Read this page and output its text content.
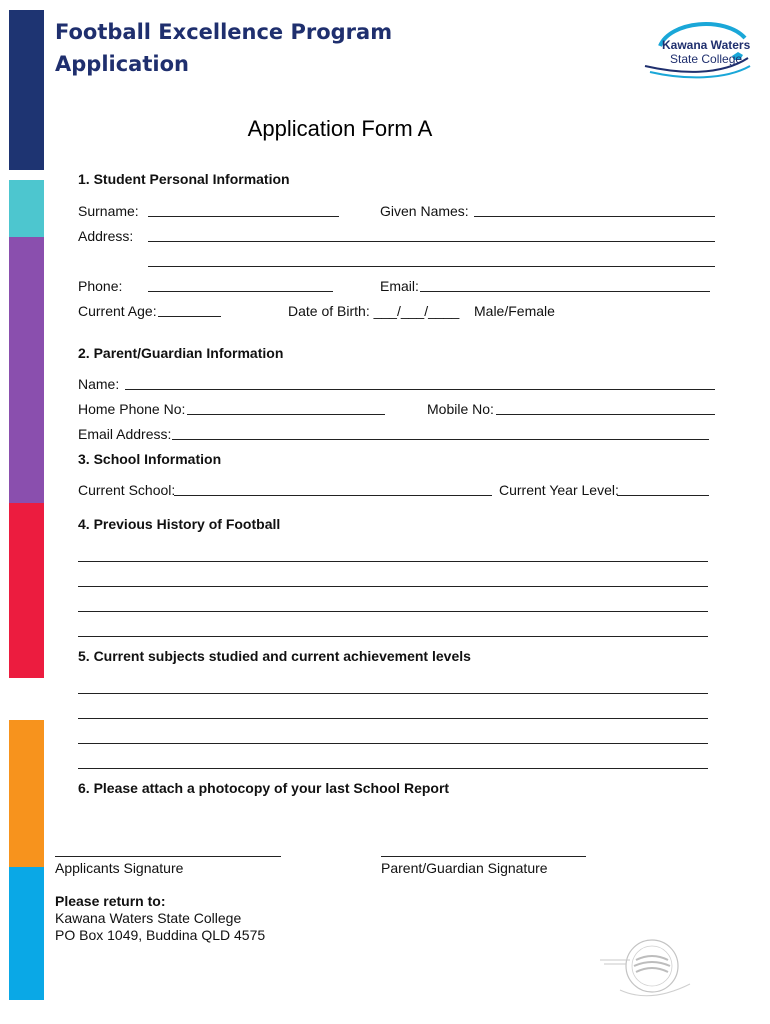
Football Excellence Program
Application
Kawana Waters
State College
Application Form A
1. Student Personal Information
Surname:	Given Names:
Address:
Phone:	Email:
Current Age:	Date of Birth: ___/___/____ Male/Female
2. Parent/Guardian Information
Name:
Home Phone No:	Mobile No:
Email Address:
3. School Information
Current School:	Current Year Level:
4. Previous History of Football
5. Current subjects studied and current achievement levels
6. Please attach a photocopy of your last School Report
Applicants Signature	Parent/Guardian Signature
Please return to:
Kawana Waters State College
PO Box 1049, Buddina QLD 4575
